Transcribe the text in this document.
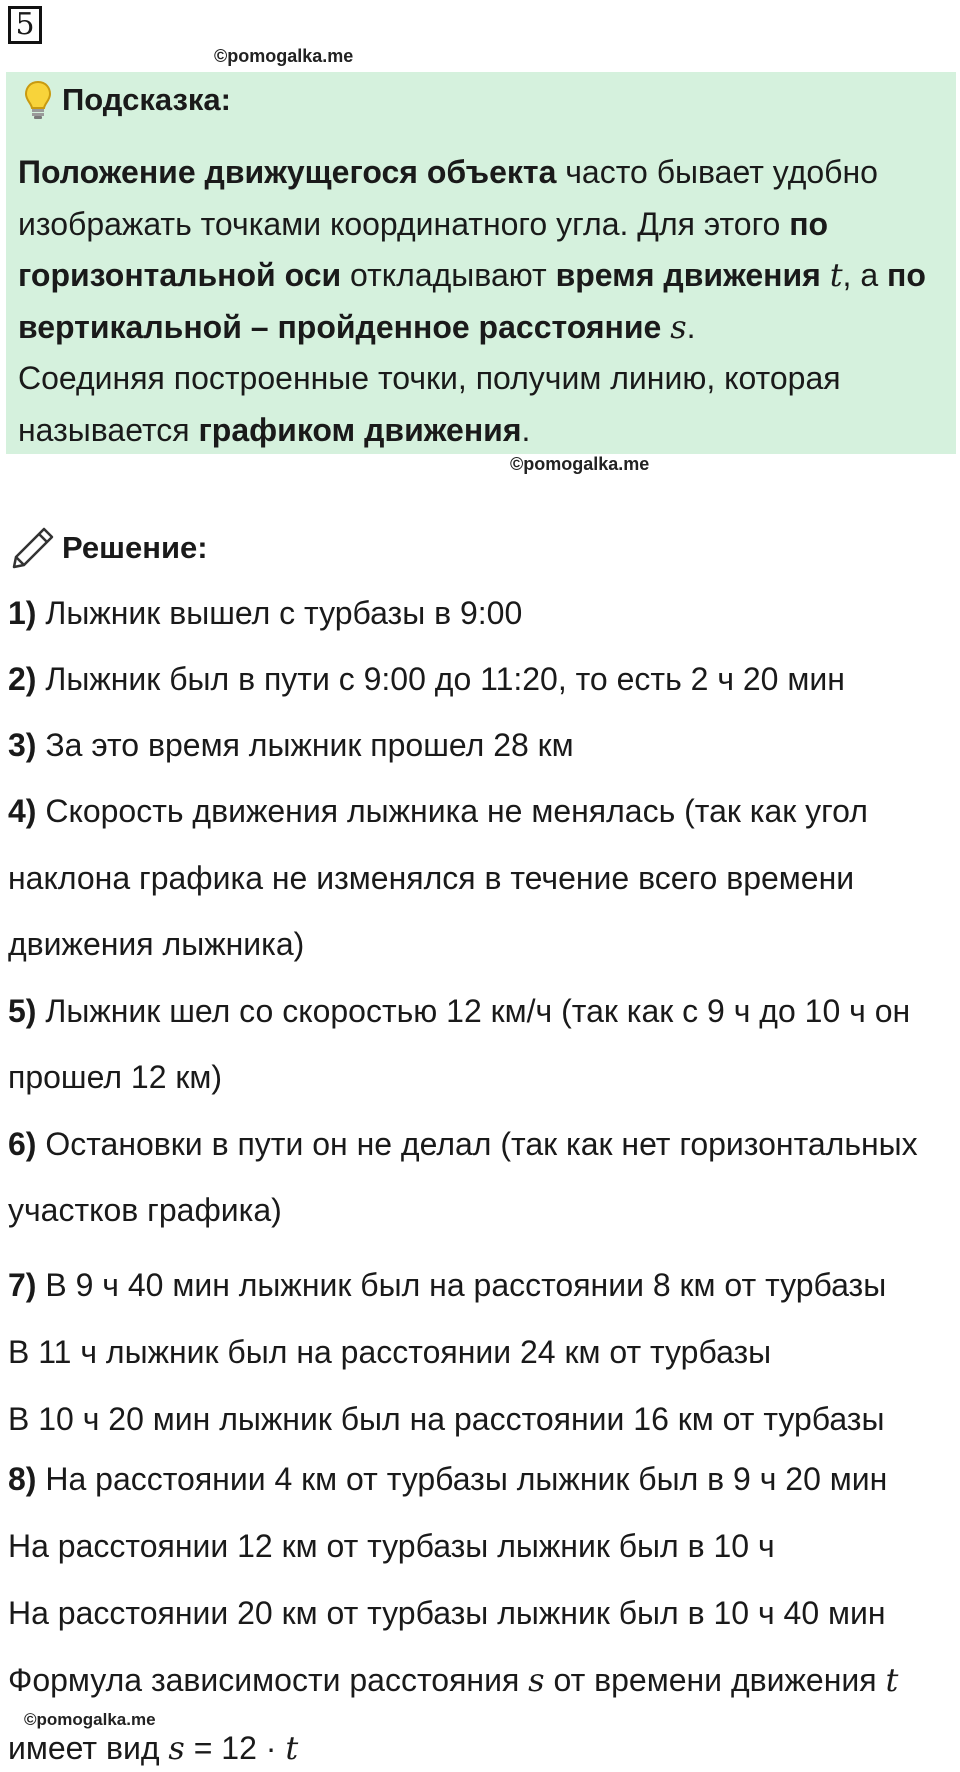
5
©pomogalka.me
Подсказка:
Положение движущегося объекта часто бывает удобно изображать точками координатного угла. Для этого по горизонтальной оси откладывают время движения t, а по вертикальной – пройденное расстояние s.
Соединяя построенные точки, получим линию, которая называется графиком движения.
©pomogalka.me
Решение:
1) Лыжник вышел с турбазы в 9:00
2) Лыжник был в пути с 9:00 до 11:20, то есть 2 ч 20 мин
3) За это время лыжник прошел 28 км
4) Скорость движения лыжника не менялась (так как угол
наклона графика не изменялся в течение всего времени
движения лыжника)
5) Лыжник шел со скоростью 12 км/ч (так как с 9 ч до 10 ч он
прошел 12 км)
6) Остановки в пути он не делал (так как нет горизонтальных
участков графика)
7) В 9 ч 40 мин лыжник был на расстоянии 8 км от турбазы
В 11 ч лыжник был на расстоянии 24 км от турбазы
В 10 ч 20 мин лыжник был на расстоянии 16 км от турбазы
8) На расстоянии 4 км от турбазы лыжник был в 9 ч 20 мин
На расстоянии 12 км от турбазы лыжник был в 10 ч
На расстоянии 20 км от турбазы лыжник был в 10 ч 40 мин
Формула зависимости расстояния s от времени движения t
©pomogalka.me
имеет вид s = 12 · t
